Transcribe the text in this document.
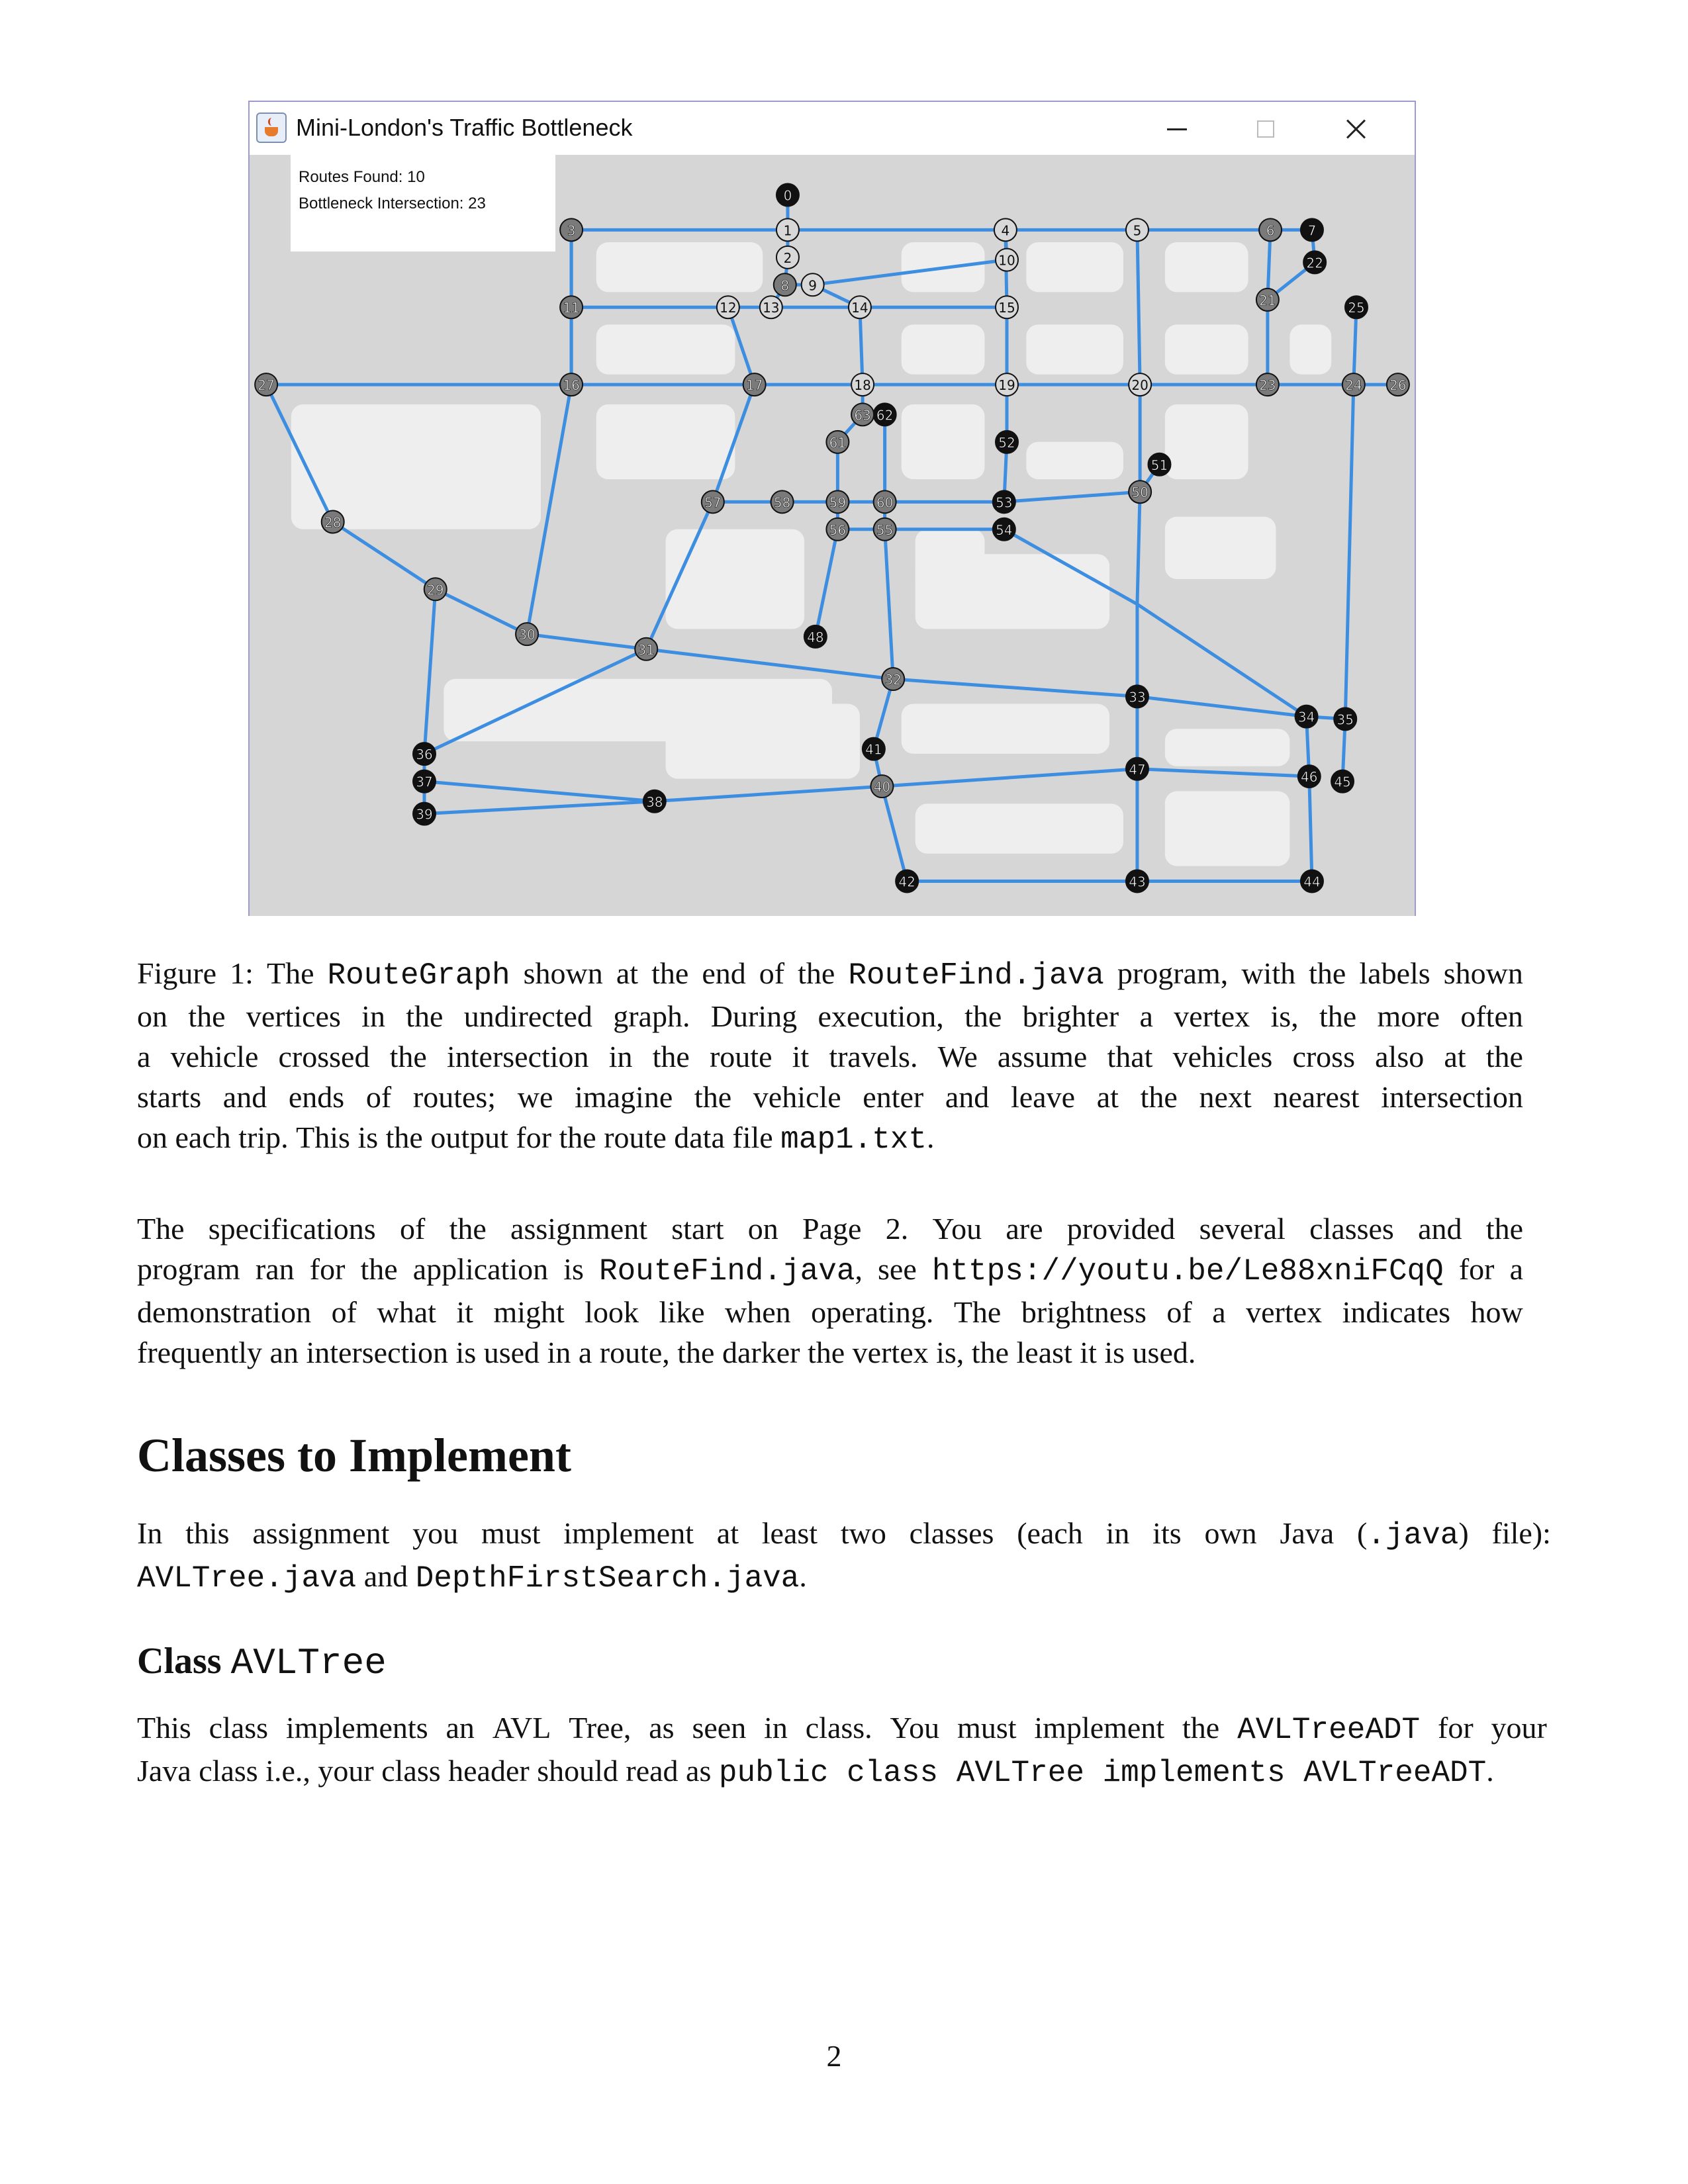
Mini-London's Traffic Bottleneck
0
1
2
3	4	5	6	7
8 9
10
11	12 13	14	15
16	17	18	19	20
21
22
23	24
25
26
27
28
29
30
31
32
33
34 35
36
37
38
39
40
41
42	43	44
45
46
47
48
50
51
52
53
54
55
56
57	58	59 60
61
62
63
Routes Found: 10
Bottleneck Intersection: 23
Figure 1: The RouteGraph shown at the end of the RouteFind.java program, with the labels shown
on the vertices in the undirected graph. During execution, the brighter a vertex is, the more often
a vehicle crossed the intersection in the route it travels. We assume that vehicles cross also at the
starts and ends of routes; we imagine the vehicle enter and leave at the next nearest intersection
on each trip. This is the output for the route data file map1.txt.
The specifications of the assignment start on Page 2. You are provided several classes and the
program ran for the application is RouteFind.java, see https://youtu.be/Le88xniFCqQ for a
demonstration of what it might look like when operating. The brightness of a vertex indicates how
frequently an intersection is used in a route, the darker the vertex is, the least it is used.
Classes to Implement
In this assignment you must implement at least two classes (each in its own Java (.java) file):
AVLTree.java and DepthFirstSearch.java.
Class AVLTree
This class implements an AVL Tree, as seen in class. You must implement the AVLTreeADT for your
Java class i.e., your class header should read as public class AVLTree implements AVLTreeADT.
2
